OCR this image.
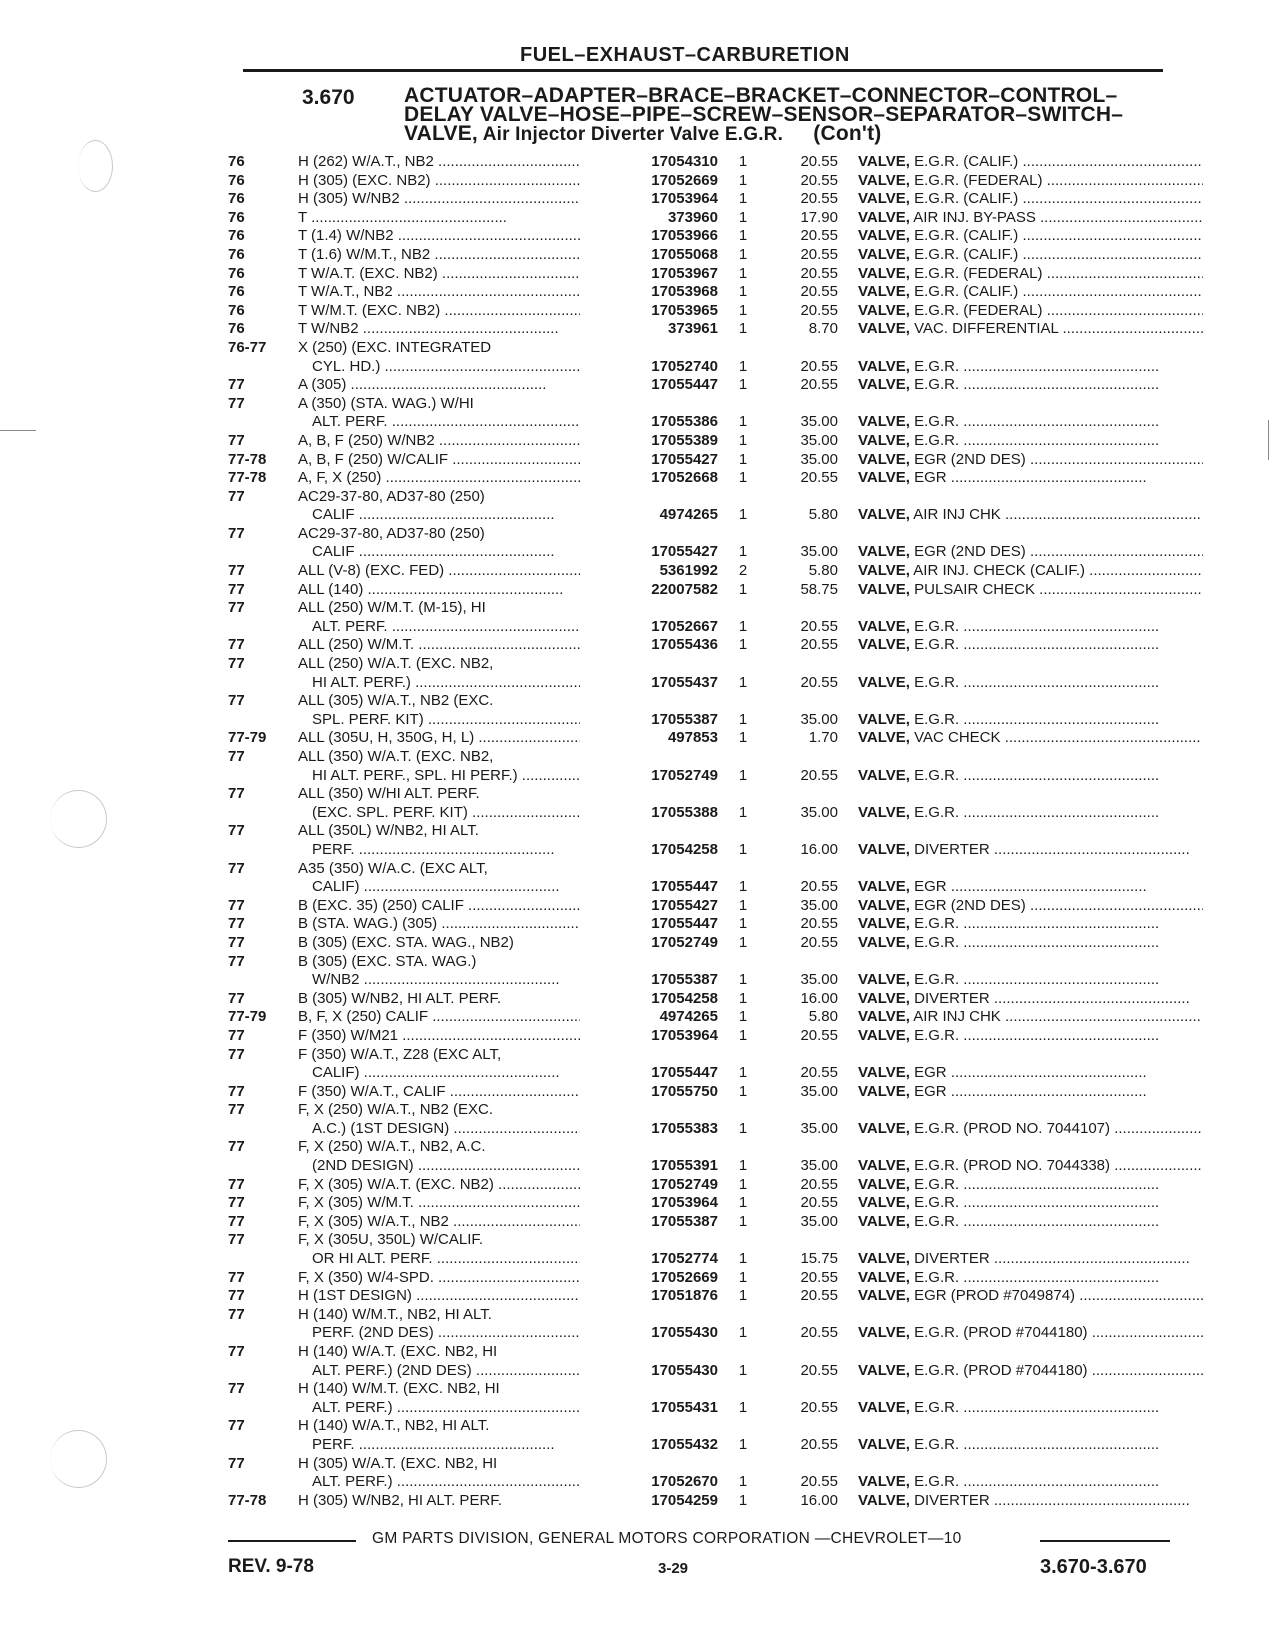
FUEL–EXHAUST–CARBURETION
3.670 ACTUATOR–ADAPTER–BRACE–BRACKET–CONNECTOR–CONTROL–
DELAY VALVE–HOSE–PIPE–SCREW–SENSOR–SEPARATOR–SWITCH–
VALVE, Air Injector Diverter Valve E.G.R. (Con't)
76	H (262) W/A.T., NB2 .....	17054310	1	20.55 VALVE, E.G.R. (CALIF.) .....
76	H (305) (EXC. NB2) .....	17052669	1	20.55 VALVE, E.G.R. (FEDERAL) .....
76	H (305) W/NB2 .....	17053964	1	20.55 VALVE, E.G.R. (CALIF.) .....
76	T .....	373960	1	17.90 VALVE, AIR INJ. BY-PASS .....
76	T (1.4) W/NB2 .....	17053966	1	20.55 VALVE, E.G.R. (CALIF.) .....
76	T (1.6) W/M.T., NB2 .....	17055068	1	20.55 VALVE, E.G.R. (CALIF.) .....
76	T W/A.T. (EXC. NB2) .....	17053967	1	20.55 VALVE, E.G.R. (FEDERAL) .....
76	T W/A.T., NB2 .....	17053968	1	20.55 VALVE, E.G.R. (CALIF.) .....
76	T W/M.T. (EXC. NB2) .....	17053965	1	20.55 VALVE, E.G.R. (FEDERAL) .....
76	T W/NB2 .....	373961	1	8.70 VALVE, VAC. DIFFERENTIAL .....
76-77	X (250) (EXC. INTEGRATED
CYL. HD.) .....	17052740	1	20.55 VALVE, E.G.R. .....
77	A (305) .....	17055447	1	20.55 VALVE, E.G.R. .....
77	A (350) (STA. WAG.) W/HI
ALT. PERF. .....	17055386	1	35.00 VALVE, E.G.R. .....
77	A, B, F (250) W/NB2 .....	17055389	1	35.00 VALVE, E.G.R. .....
77-78	A, B, F (250) W/CALIF .....	17055427	1	35.00 VALVE, EGR (2ND DES) .....
77-78	A, F, X (250) .....	17052668	1	20.55 VALVE, EGR .....
77	AC29-37-80, AD37-80 (250)
CALIF .....	4974265	1	5.80 VALVE, AIR INJ CHK .....
77	AC29-37-80, AD37-80 (250)
CALIF .....	17055427	1	35.00 VALVE, EGR (2ND DES) .....
77	ALL (V-8) (EXC. FED) .....	5361992	2	5.80 VALVE, AIR INJ. CHECK (CALIF.) .....
77	ALL (140) .....	22007582	1	58.75 VALVE, PULSAIR CHECK .....
77	ALL (250) W/M.T. (M-15), HI
ALT. PERF. .....	17052667	1	20.55 VALVE, E.G.R. .....
77	ALL (250) W/M.T. .....	17055436	1	20.55 VALVE, E.G.R. .....
77	ALL (250) W/A.T. (EXC. NB2,
HI ALT. PERF.) .....	17055437	1	20.55 VALVE, E.G.R. .....
77	ALL (305) W/A.T., NB2 (EXC.
SPL. PERF. KIT) .....	17055387	1	35.00 VALVE, E.G.R. .....
77-79	ALL (305U, H, 350G, H, L) .....	497853	1	1.70 VALVE, VAC CHECK .....
77	ALL (350) W/A.T. (EXC. NB2,
HI ALT. PERF., SPL. HI PERF.) .....	17052749	1	20.55 VALVE, E.G.R. .....
77	ALL (350) W/HI ALT. PERF.
(EXC. SPL. PERF. KIT) .....	17055388	1	35.00 VALVE, E.G.R. .....
77	ALL (350L) W/NB2, HI ALT.
PERF. .....	17054258	1	16.00 VALVE, DIVERTER .....
77	A35 (350) W/A.C. (EXC ALT,
CALIF) .....	17055447	1	20.55 VALVE, EGR .....
77	B (EXC. 35) (250) CALIF .....	17055427	1	35.00 VALVE, EGR (2ND DES) .....
77	B (STA. WAG.) (305) .....	17055447	1	20.55 VALVE, E.G.R. .....
77	B (305) (EXC. STA. WAG., NB2)	17052749	1	20.55 VALVE, E.G.R. .....
77	B (305) (EXC. STA. WAG.)
W/NB2 .....	17055387	1	35.00 VALVE, E.G.R. .....
77	B (305) W/NB2, HI ALT. PERF.	17054258	1	16.00 VALVE, DIVERTER .....
77-79	B, F, X (250) CALIF .....	4974265	1	5.80 VALVE, AIR INJ CHK .....
77	F (350) W/M21 .....	17053964	1	20.55 VALVE, E.G.R. .....
77	F (350) W/A.T., Z28 (EXC ALT,
CALIF) .....	17055447	1	20.55 VALVE, EGR .....
77	F (350) W/A.T., CALIF .....	17055750	1	35.00 VALVE, EGR .....
77	F, X (250) W/A.T., NB2 (EXC.
A.C.) (1ST DESIGN) .....	17055383	1	35.00 VALVE, E.G.R. (PROD NO. 7044107) .....
77	F, X (250) W/A.T., NB2, A.C.
(2ND DESIGN) .....	17055391	1	35.00 VALVE, E.G.R. (PROD NO. 7044338) .....
77	F, X (305) W/A.T. (EXC. NB2) .....	17052749	1	20.55 VALVE, E.G.R. .....
77	F, X (305) W/M.T. .....	17053964	1	20.55 VALVE, E.G.R. .....
77	F, X (305) W/A.T., NB2 .....	17055387	1	35.00 VALVE, E.G.R. .....
77	F, X (305U, 350L) W/CALIF.
OR HI ALT. PERF. .....	17052774	1	15.75 VALVE, DIVERTER .....
77	F, X (350) W/4-SPD. .....	17052669	1	20.55 VALVE, E.G.R. .....
77	H (1ST DESIGN) .....	17051876	1	20.55 VALVE, EGR (PROD #7049874) .....
77	H (140) W/M.T., NB2, HI ALT.
PERF. (2ND DES) .....	17055430	1	20.55 VALVE, E.G.R. (PROD #7044180) .....
77	H (140) W/A.T. (EXC. NB2, HI
ALT. PERF.) (2ND DES) .....	17055430	1	20.55 VALVE, E.G.R. (PROD #7044180) .....
77	H (140) W/M.T. (EXC. NB2, HI
ALT. PERF.) .....	17055431	1	20.55 VALVE, E.G.R. .....
77	H (140) W/A.T., NB2, HI ALT.
PERF. .....	17055432	1	20.55 VALVE, E.G.R. .....
77	H (305) W/A.T. (EXC. NB2, HI
ALT. PERF.) .....	17052670	1	20.55 VALVE, E.G.R. .....
77-78	H (305) W/NB2, HI ALT. PERF.	17054259	1	16.00 VALVE, DIVERTER .....
GM PARTS DIVISION, GENERAL MOTORS CORPORATION —CHEVROLET—10
REV. 9-78	3-29	3.670-3.670
